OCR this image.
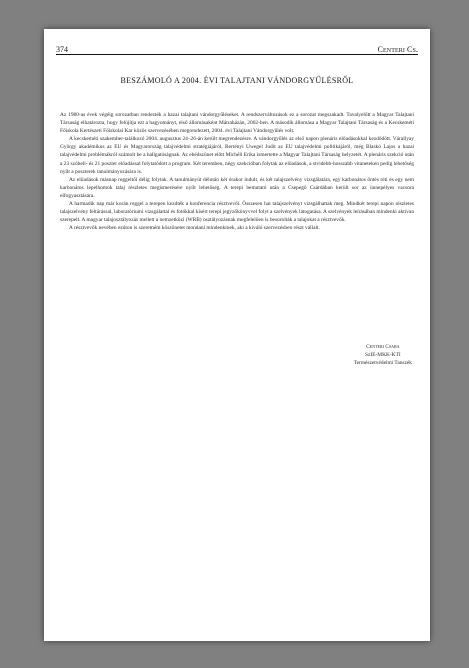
374	Centeri Cs.
BESZÁMOLÓ A 2004. ÉVI TALAJTANI VÁNDORGYŰLÉSRŐL

Az 1980-as évek végéig sorozatban rendezték a hazai talajtani vándorgyűléseket. A rendszerváltozások ez a sorozat megszakadt. Tavalyelőtt a Magyar Talajtani Társaság elhatározta, hogy felújítja ezt a hagyományt, első állomásaként Mátraházán, 2002-ben. A második állomása a Magyar Talajtani Társaság és a Kecskeméti Főiskola Kertészeti Főiskolai Kar közös szervezésében megrendezett, 2004. évi Talajtani Vándorgyűlés volt.

A kecskeméti szakember-találkozó 2004. augusztus 24–26-án került megrendezésre. A vándorgyűlés az első napon plenáris előadásokkal kezdődött. Várallyay György akadémikus az EU és Magyarország talajvédelmi stratégiájáról, Bertényi Uwegel Judit az EU talajvédelmi politikájáról, még Blaskó Lajos a hazai talajvédelmi problémákról számolt be a hallgatóságnak. Az ebédszünet előtt Michéli Erika ismertette a Magyar Talajtani Társaság helyzetét. A plenáris szekció után a 23 szóbeli- és 21 poszter előadással folytatódott a program. Két teremben, négy szekcióban folytak az előadások, a stvidebb-hosszabb vitaneteken pedig lehetőség nyílt a poszterek tanulmányozására is.

Az előadások másnap reggeltől délig folytak. A tanulmányút délután két órakor indult, és két talajszelvény vizsgálatára, egy karbonátos öntés réti és egy nem karbonátos lepelhomok talaj részletes megismerésére nyílt lehetőség. A terepi bemutató után a Csepegő Csárdában került sor az ünnepélyes vacsora elfogyasztására.

A harmadik nap már korán reggel a terepen kezdték a konferencia résztvevői. Összesen hat talajszelvényt vizsgálhattak meg. Mindkét terepi napon részletes talajszelvény feltárással, laboratóriumi vizsgálattal és fotókkal kísért terepi jegyzőkönyvvel folyt a szelvények látogatása. A szelvények leírásában mindenki aktívan szerepelt. A magyar talajosztályozás mellett a nemzetközi (WRB) osztályozásnak megfelelően is besorolták a talajokat a résztvevők.

A résztvevők nevében ezúton is szeretném köszönetet mondani mindenkinek, aki a kiváló szervezésben részt vállalt.

Centeri Csaba
SzIE-MKK-KTI
Természetvédelmi Tanszék
